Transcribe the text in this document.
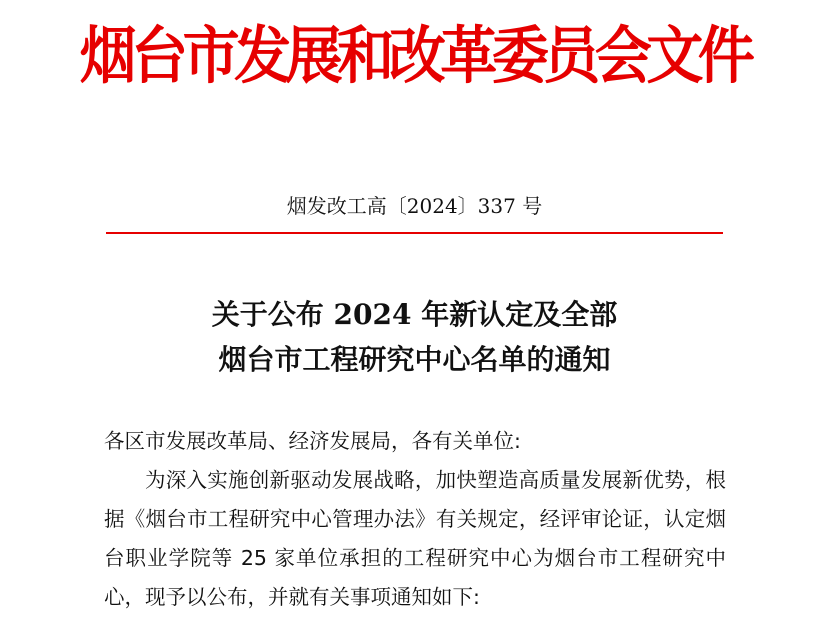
烟台市发展和改革委员会文件
烟发改工高〔2024〕337 号
关于公布 2024 年新认定及全部
烟台市工程研究中心名单的通知
各区市发展改革局、经济发展局，各有关单位:
为深入实施创新驱动发展战略，加快塑造高质量发展新优势，根据《烟台市工程研究中心管理办法》有关规定，经评审论证，认定烟台职业学院等 25 家单位承担的工程研究中心为烟台市工程研究中心，现予以公布，并就有关事项通知如下:
